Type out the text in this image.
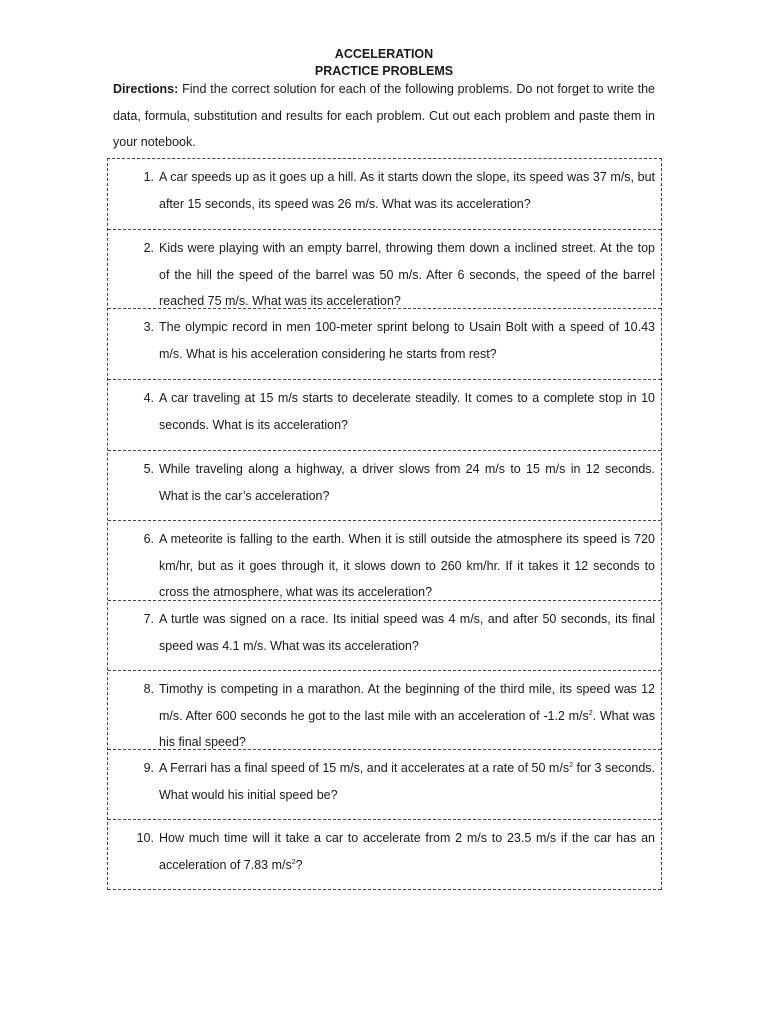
ACCELERATION
PRACTICE PROBLEMS

Directions: Find the correct solution for each of the following problems. Do not forget to write the data, formula, substitution and results for each problem. Cut out each problem and paste them in your notebook.

1. A car speeds up as it goes up a hill. As it starts down the slope, its speed was 37 m/s, but after 15 seconds, its speed was 26 m/s. What was its acceleration?

2. Kids were playing with an empty barrel, throwing them down a inclined street. At the top of the hill the speed of the barrel was 50 m/s. After 6 seconds, the speed of the barrel reached 75 m/s. What was its acceleration?

3. The olympic record in men 100-meter sprint belong to Usain Bolt with a speed of 10.43 m/s. What is his acceleration considering he starts from rest?

4. A car traveling at 15 m/s starts to decelerate steadily. It comes to a complete stop in 10 seconds. What is its acceleration?

5. While traveling along a highway, a driver slows from 24 m/s to 15 m/s in 12 seconds. What is the car’s acceleration?

6. A meteorite is falling to the earth. When it is still outside the atmosphere its speed is 720 km/hr, but as it goes through it, it slows down to 260 km/hr. If it takes it 12 seconds to cross the atmosphere, what was its acceleration?

7. A turtle was signed on a race. Its initial speed was 4 m/s, and after 50 seconds, its final speed was 4.1 m/s. What was its acceleration?

8. Timothy is competing in a marathon. At the beginning of the third mile, its speed was 12 m/s. After 600 seconds he got to the last mile with an acceleration of -1.2 $m/s^2$. What was his final speed?

9. A Ferrari has a final speed of 15 m/s, and it accelerates at a rate of 50 $m/s^2$ for 3 seconds. What would his initial speed be?

10. How much time will it take a car to accelerate from 2 m/s to 23.5 m/s if the car has an acceleration of 7.83 $m/s^2$?
